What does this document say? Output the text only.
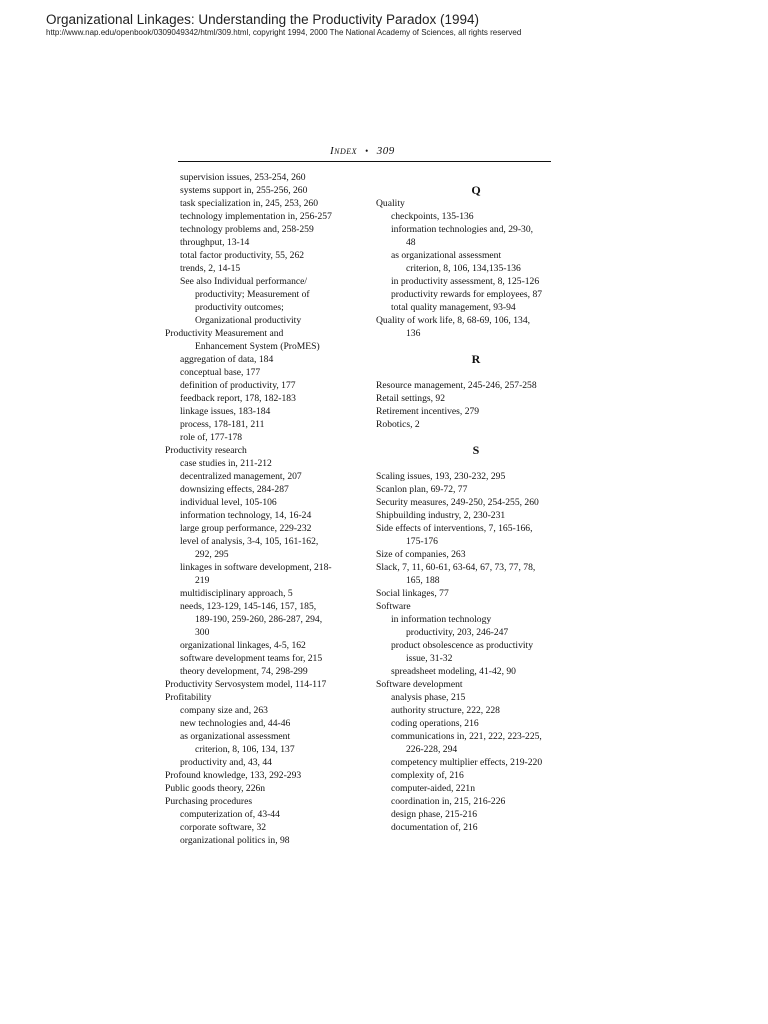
Organizational Linkages: Understanding the Productivity Paradox (1994)
http://www.nap.edu/openbook/0309049342/html/309.html, copyright 1994, 2000 The National Academy of Sciences, all rights reserved
Index • 309
supervision issues, 253-254, 260
systems support in, 255-256, 260
task specialization in, 245, 253, 260
technology implementation in, 256-257
technology problems and, 258-259
throughput, 13-14
total factor productivity, 55, 262
trends, 2, 14-15
See also Individual performance/
productivity; Measurement of
productivity outcomes;
Organizational productivity
Productivity Measurement and
Enhancement System (ProMES)
aggregation of data, 184
conceptual base, 177
definition of productivity, 177
feedback report, 178, 182-183
linkage issues, 183-184
process, 178-181, 211
role of, 177-178
Productivity research
case studies in, 211-212
decentralized management, 207
downsizing effects, 284-287
individual level, 105-106
information technology, 14, 16-24
large group performance, 229-232
level of analysis, 3-4, 105, 161-162,
292, 295
linkages in software development, 218-
219
multidisciplinary approach, 5
needs, 123-129, 145-146, 157, 185,
189-190, 259-260, 286-287, 294,
300
organizational linkages, 4-5, 162
software development teams for, 215
theory development, 74, 298-299
Productivity Servosystem model, 114-117
Profitability
company size and, 263
new technologies and, 44-46
as organizational assessment
criterion, 8, 106, 134, 137
productivity and, 43, 44
Profound knowledge, 133, 292-293
Public goods theory, 226n
Purchasing procedures
computerization of, 43-44
corporate software, 32
organizational politics in, 98

Q
Quality
checkpoints, 135-136
information technologies and, 29-30,
48
as organizational assessment
criterion, 8, 106, 134,135-136
in productivity assessment, 8, 125-126
productivity rewards for employees, 87
total quality management, 93-94
Quality of work life, 8, 68-69, 106, 134,
136

R

Resource management, 245-246, 257-258
Retail settings, 92
Retirement incentives, 279
Robotics, 2

S

Scaling issues, 193, 230-232, 295
Scanlon plan, 69-72, 77
Security measures, 249-250, 254-255, 260
Shipbuilding industry, 2, 230-231
Side effects of interventions, 7, 165-166,
175-176
Size of companies, 263
Slack, 7, 11, 60-61, 63-64, 67, 73, 77, 78,
165, 188
Social linkages, 77
Software
in information technology
productivity, 203, 246-247
product obsolescence as productivity
issue, 31-32
spreadsheet modeling, 41-42, 90
Software development
analysis phase, 215
authority structure, 222, 228
coding operations, 216
communications in, 221, 222, 223-225,
226-228, 294
competency multiplier effects, 219-220
complexity of, 216
computer-aided, 221n
coordination in, 215, 216-226
design phase, 215-216
documentation of, 216
